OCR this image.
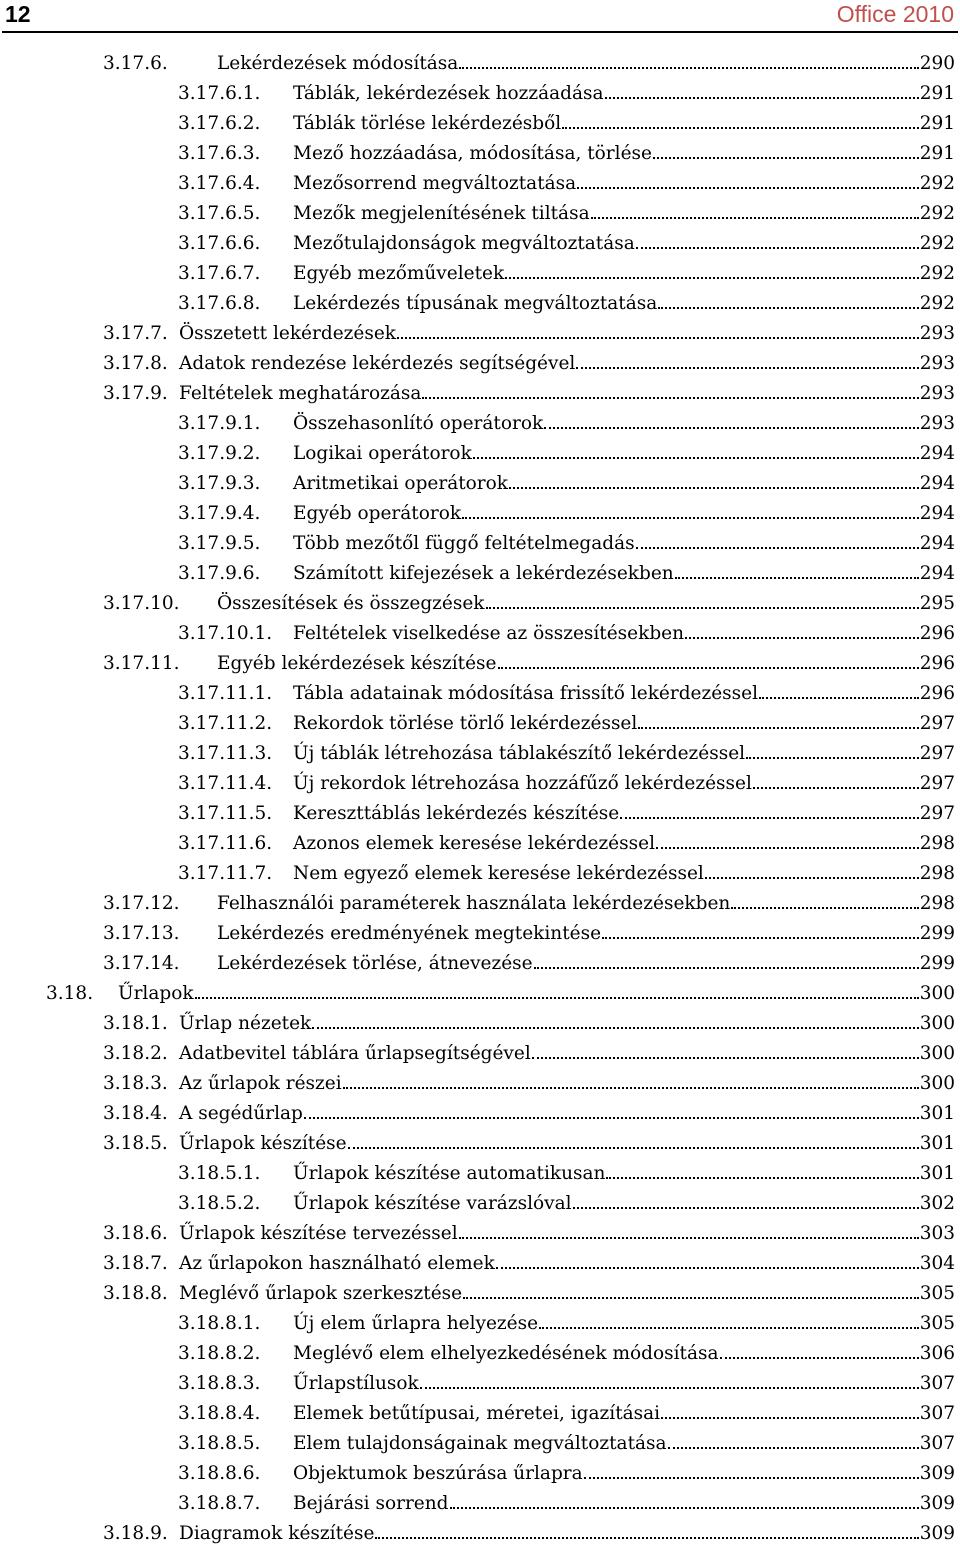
12	Office 2010
3.17.6.	Lekérdezések módosítása	290
3.17.6.1.	Táblák, lekérdezések hozzáadása	291
3.17.6.2.	Táblák törlése lekérdezésből	291
3.17.6.3.	Mező hozzáadása, módosítása, törlése	291
3.17.6.4.	Mezősorrend megváltoztatása	292
3.17.6.5.	Mezők megjelenítésének tiltása	292
3.17.6.6.	Mezőtulajdonságok megváltoztatása	292
3.17.6.7.	Egyéb mezőműveletek	292
3.17.6.8.	Lekérdezés típusának megváltoztatása	292
3.17.7. Összetett lekérdezések	293
3.17.8. Adatok rendezése lekérdezés segítségével	293
3.17.9. Feltételek meghatározása	293
3.17.9.1.	Összehasonlító operátorok	293
3.17.9.2.	Logikai operátorok	294
3.17.9.3.	Aritmetikai operátorok	294
3.17.9.4.	Egyéb operátorok	294
3.17.9.5.	Több mezőtől függő feltételmegadás	294
3.17.9.6.	Számított kifejezések a lekérdezésekben	294
3.17.10.	Összesítések és összegzések	295
3.17.10.1.	Feltételek viselkedése az összesítésekben	296
3.17.11.	Egyéb lekérdezések készítése	296
3.17.11.1.	Tábla adatainak módosítása frissítő lekérdezéssel	296
3.17.11.2.	Rekordok törlése törlő lekérdezéssel	297
3.17.11.3.	Új táblák létrehozása táblakészítő lekérdezéssel	297
3.17.11.4.	Új rekordok létrehozása hozzáfűző lekérdezéssel	297
3.17.11.5.	Kereszttáblás lekérdezés készítése	297
3.17.11.6.	Azonos elemek keresése lekérdezéssel	298
3.17.11.7.	Nem egyező elemek keresése lekérdezéssel	298
3.17.12.	Felhasználói paraméterek használata lekérdezésekben	298
3.17.13.	Lekérdezés eredményének megtekintése	299
3.17.14.	Lekérdezések törlése, átnevezése	299
3.18.	Űrlapok	300
3.18.1. Űrlap nézetek	300
3.18.2. Adatbevitel táblára űrlapsegítségével	300
3.18.3. Az űrlapok részei	300
3.18.4. A segédűrlap	301
3.18.5. Űrlapok készítése	301
3.18.5.1.	Űrlapok készítése automatikusan	301
3.18.5.2.	Űrlapok készítése varázslóval	302
3.18.6. Űrlapok készítése tervezéssel	303
3.18.7. Az űrlapokon használható elemek	304
3.18.8. Meglévő űrlapok szerkesztése	305
3.18.8.1.	Új elem űrlapra helyezése	305
3.18.8.2.	Meglévő elem elhelyezkedésének módosítása	306
3.18.8.3.	Űrlapstílusok	307
3.18.8.4.	Elemek betűtípusai, méretei, igazításai	307
3.18.8.5.	Elem tulajdonságainak megváltoztatása	307
3.18.8.6.	Objektumok beszúrása űrlapra	309
3.18.8.7.	Bejárási sorrend	309
3.18.9. Diagramok készítése	309
